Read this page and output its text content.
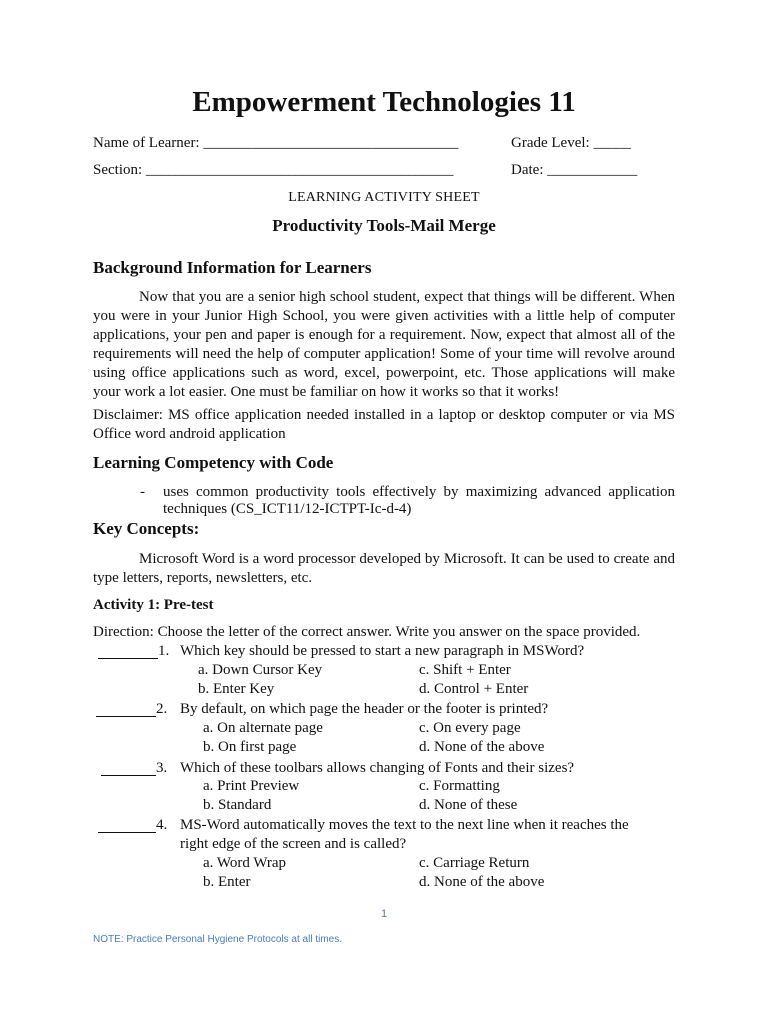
Empowerment Technologies 11
Name of Learner: __________________________________	Grade Level: _____
Section: _________________________________________	Date: ____________
LEARNING ACTIVITY SHEET
Productivity Tools-Mail Merge
Background Information for Learners
Now that you are a senior high school student, expect that things will be different. When you were in your Junior High School, you were given activities with a little help of computer applications, your pen and paper is enough for a requirement. Now, expect that almost all of the requirements will need the help of computer application! Some of your time will revolve around using office applications such as word, excel, powerpoint, etc. Those applications will make your work a lot easier. One must be familiar on how it works so that it works!
Disclaimer: MS office application needed installed in a laptop or desktop computer or via MS Office word android application
Learning Competency with Code
- uses common productivity tools effectively by maximizing advanced application techniques (CS_ICT11/12-ICTPT-Ic-d-4)
Key Concepts:
Microsoft Word is a word processor developed by Microsoft. It can be used to create and type letters, reports, newsletters, etc.
Activity 1: Pre-test
Direction: Choose the letter of the correct answer. Write you answer on the space provided.
1. Which key should be pressed to start a new paragraph in MSWord?
a. Down Cursor Key	c. Shift + Enter
b. Enter Key	d. Control + Enter
2. By default, on which page the header or the footer is printed?
a. On alternate page	c. On every page
b. On first page	d. None of the above
3. Which of these toolbars allows changing of Fonts and their sizes?
a. Print Preview	c. Formatting
b. Standard	d. None of these
4. MS-Word automatically moves the text to the next line when it reaches the
right edge of the screen and is called?
a. Word Wrap	c. Carriage Return
b. Enter	d. None of the above
1
NOTE: Practice Personal Hygiene Protocols at all times.
